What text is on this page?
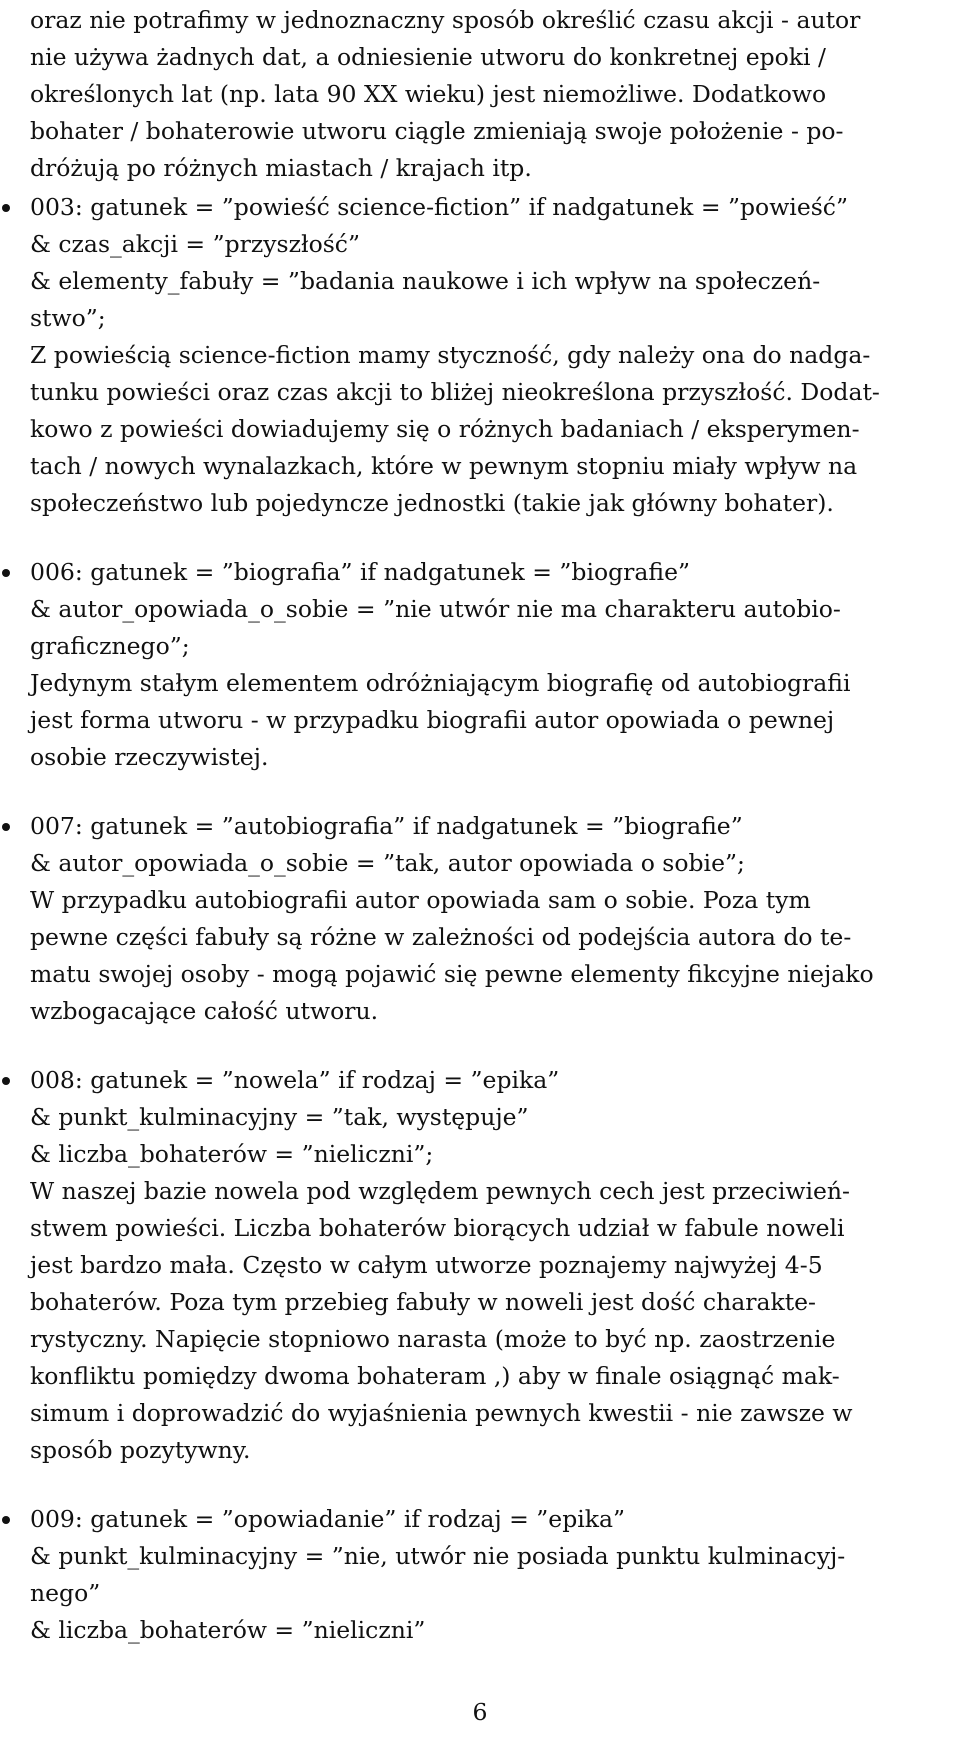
oraz nie potrafimy w jednoznaczny sposób określić czasu akcji - autor
nie używa żadnych dat, a odniesienie utworu do konkretnej epoki /
określonych lat (np. lata 90 XX wieku) jest niemożliwe. Dodatkowo
bohater / bohaterowie utworu ciągle zmieniają swoje położenie - po-
dróżują po różnych miastach / krajach itp.
003: gatunek = ”powieść science-fiction” if nadgatunek = ”powieść”
& czas_akcji = ”przyszłość”
& elementy_fabuły = ”badania naukowe i ich wpływ na społeczeń-
stwo”;
Z powieścią science-fiction mamy styczność, gdy należy ona do nadga-
tunku powieści oraz czas akcji to bliżej nieokreślona przyszłość. Dodat-
kowo z powieści dowiadujemy się o różnych badaniach / eksperymen-
tach / nowych wynalazkach, które w pewnym stopniu miały wpływ na
społeczeństwo lub pojedyncze jednostki (takie jak główny bohater).
006: gatunek = ”biografia” if nadgatunek = ”biografie”
& autor_opowiada_o_sobie = ”nie utwór nie ma charakteru autobio-
graficznego”;
Jedynym stałym elementem odróżniającym biografię od autobiografii
jest forma utworu - w przypadku biografii autor opowiada o pewnej
osobie rzeczywistej.
007: gatunek = ”autobiografia” if nadgatunek = ”biografie”
& autor_opowiada_o_sobie = ”tak, autor opowiada o sobie”;
W przypadku autobiografii autor opowiada sam o sobie. Poza tym
pewne części fabuły są różne w zależności od podejścia autora do te-
matu swojej osoby - mogą pojawić się pewne elementy fikcyjne niejako
wzbogacające całość utworu.
008: gatunek = ”nowela” if rodzaj = ”epika”
& punkt_kulminacyjny = ”tak, występuje”
& liczba_bohaterów = ”nieliczni”;
W naszej bazie nowela pod względem pewnych cech jest przeciwień-
stwem powieści. Liczba bohaterów biorących udział w fabule noweli
jest bardzo mała. Często w całym utworze poznajemy najwyżej 4-5
bohaterów. Poza tym przebieg fabuły w noweli jest dość charakte-
rystyczny. Napięcie stopniowo narasta (może to być np. zaostrzenie
konfliktu pomiędzy dwoma bohateram ,) aby w finale osiągnąć mak-
simum i doprowadzić do wyjaśnienia pewnych kwestii - nie zawsze w
sposób pozytywny.
009: gatunek = ”opowiadanie” if rodzaj = ”epika”
& punkt_kulminacyjny = ”nie, utwór nie posiada punktu kulminacyj-
nego”
& liczba_bohaterów = ”nieliczni”
6
